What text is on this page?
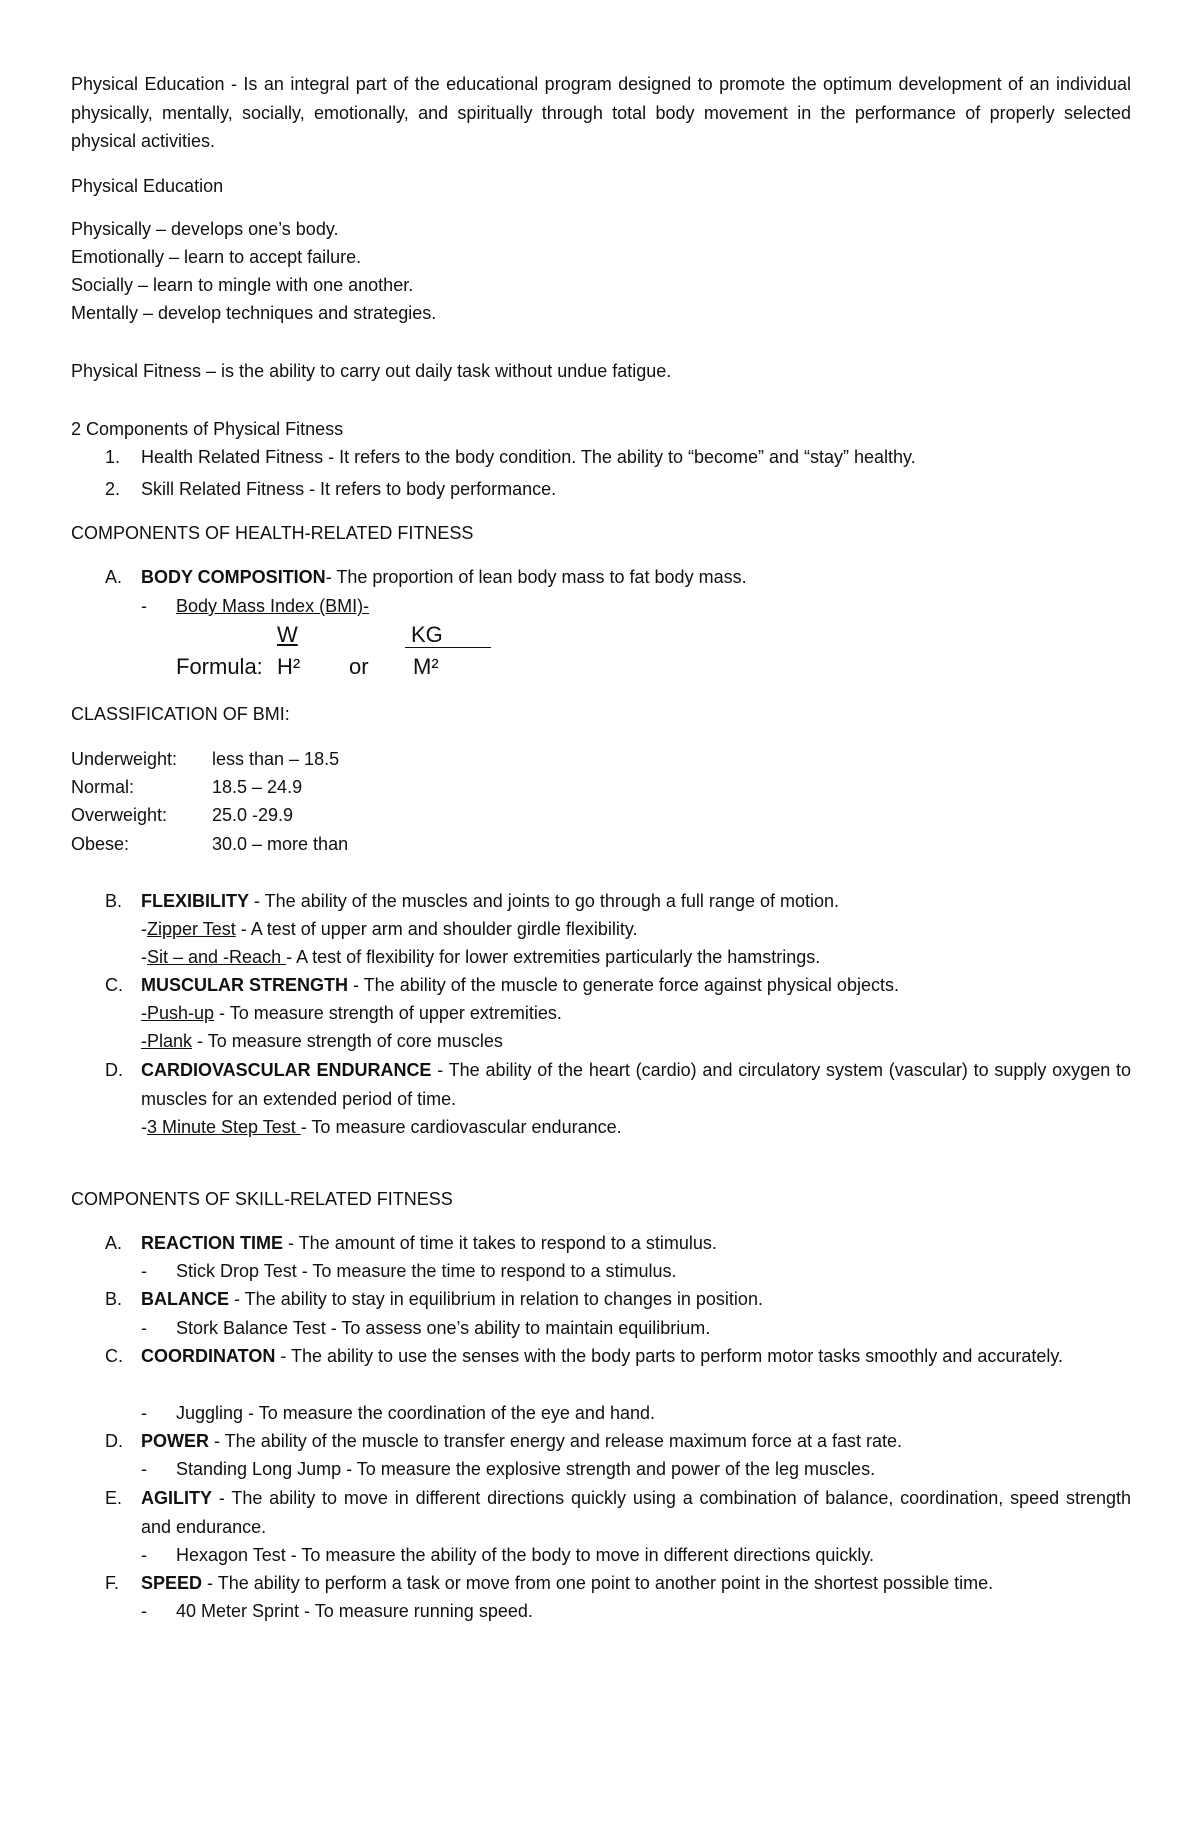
Physical Education - Is an integral part of the educational program designed to promote the optimum development of an individual physically, mentally, socially, emotionally, and spiritually through total body movement in the performance of properly selected physical activities.

Physical Education

Physically – develops one’s body.

Emotionally – learn to accept failure.

Socially – learn to mingle with one another.

Mentally – develop techniques and strategies.

Physical Fitness – is the ability to carry out daily task without undue fatigue.

2 Components of Physical Fitness

1.	Health Related Fitness - It refers to the body condition. The ability to “become” and “stay” healthy.

2.	Skill Related Fitness - It refers to body performance.

COMPONENTS OF HEALTH-RELATED FITNESS

A.	BODY COMPOSITION- The proportion of lean body mass to fat body mass.

-	Body Mass Index (BMI)-

W	KG
Formula: H² or M²

CLASSIFICATION OF BMI:

Underweight: less than – 18.5
Normal:	18.5 – 24.9
Overweight: 25.0 -29.9
Obese:	30.0 – more than

B.	FLEXIBILITY - The ability of the muscles and joints to go through a full range of motion.

-Zipper Test - A test of upper arm and shoulder girdle flexibility.

-Sit – and -Reach - A test of flexibility for lower extremities particularly the hamstrings.

C.	MUSCULAR STRENGTH - The ability of the muscle to generate force against physical objects.

-Push-up - To measure strength of upper extremities.

-Plank - To measure strength of core muscles

D.	CARDIOVASCULAR ENDURANCE - The ability of the heart (cardio) and circulatory system (vascular) to supply oxygen to muscles for an extended period of time.

-3 Minute Step Test - To measure cardiovascular endurance.

COMPONENTS OF SKILL-RELATED FITNESS

A.	REACTION TIME - The amount of time it takes to respond to a stimulus.

-	Stick Drop Test - To measure the time to respond to a stimulus.

B.	BALANCE - The ability to stay in equilibrium in relation to changes in position.

-	Stork Balance Test - To assess one’s ability to maintain equilibrium.

C.	COORDINATON - The ability to use the senses with the body parts to perform motor tasks smoothly and accurately.

-	Juggling - To measure the coordination of the eye and hand.

D.	POWER - The ability of the muscle to transfer energy and release maximum force at a fast rate.

-	Standing Long Jump - To measure the explosive strength and power of the leg muscles.

E.	AGILITY - The ability to move in different directions quickly using a combination of balance, coordination, speed strength and endurance.

-	Hexagon Test - To measure the ability of the body to move in different directions quickly.

F.	SPEED - The ability to perform a task or move from one point to another point in the shortest possible time.

-	40 Meter Sprint - To measure running speed.
